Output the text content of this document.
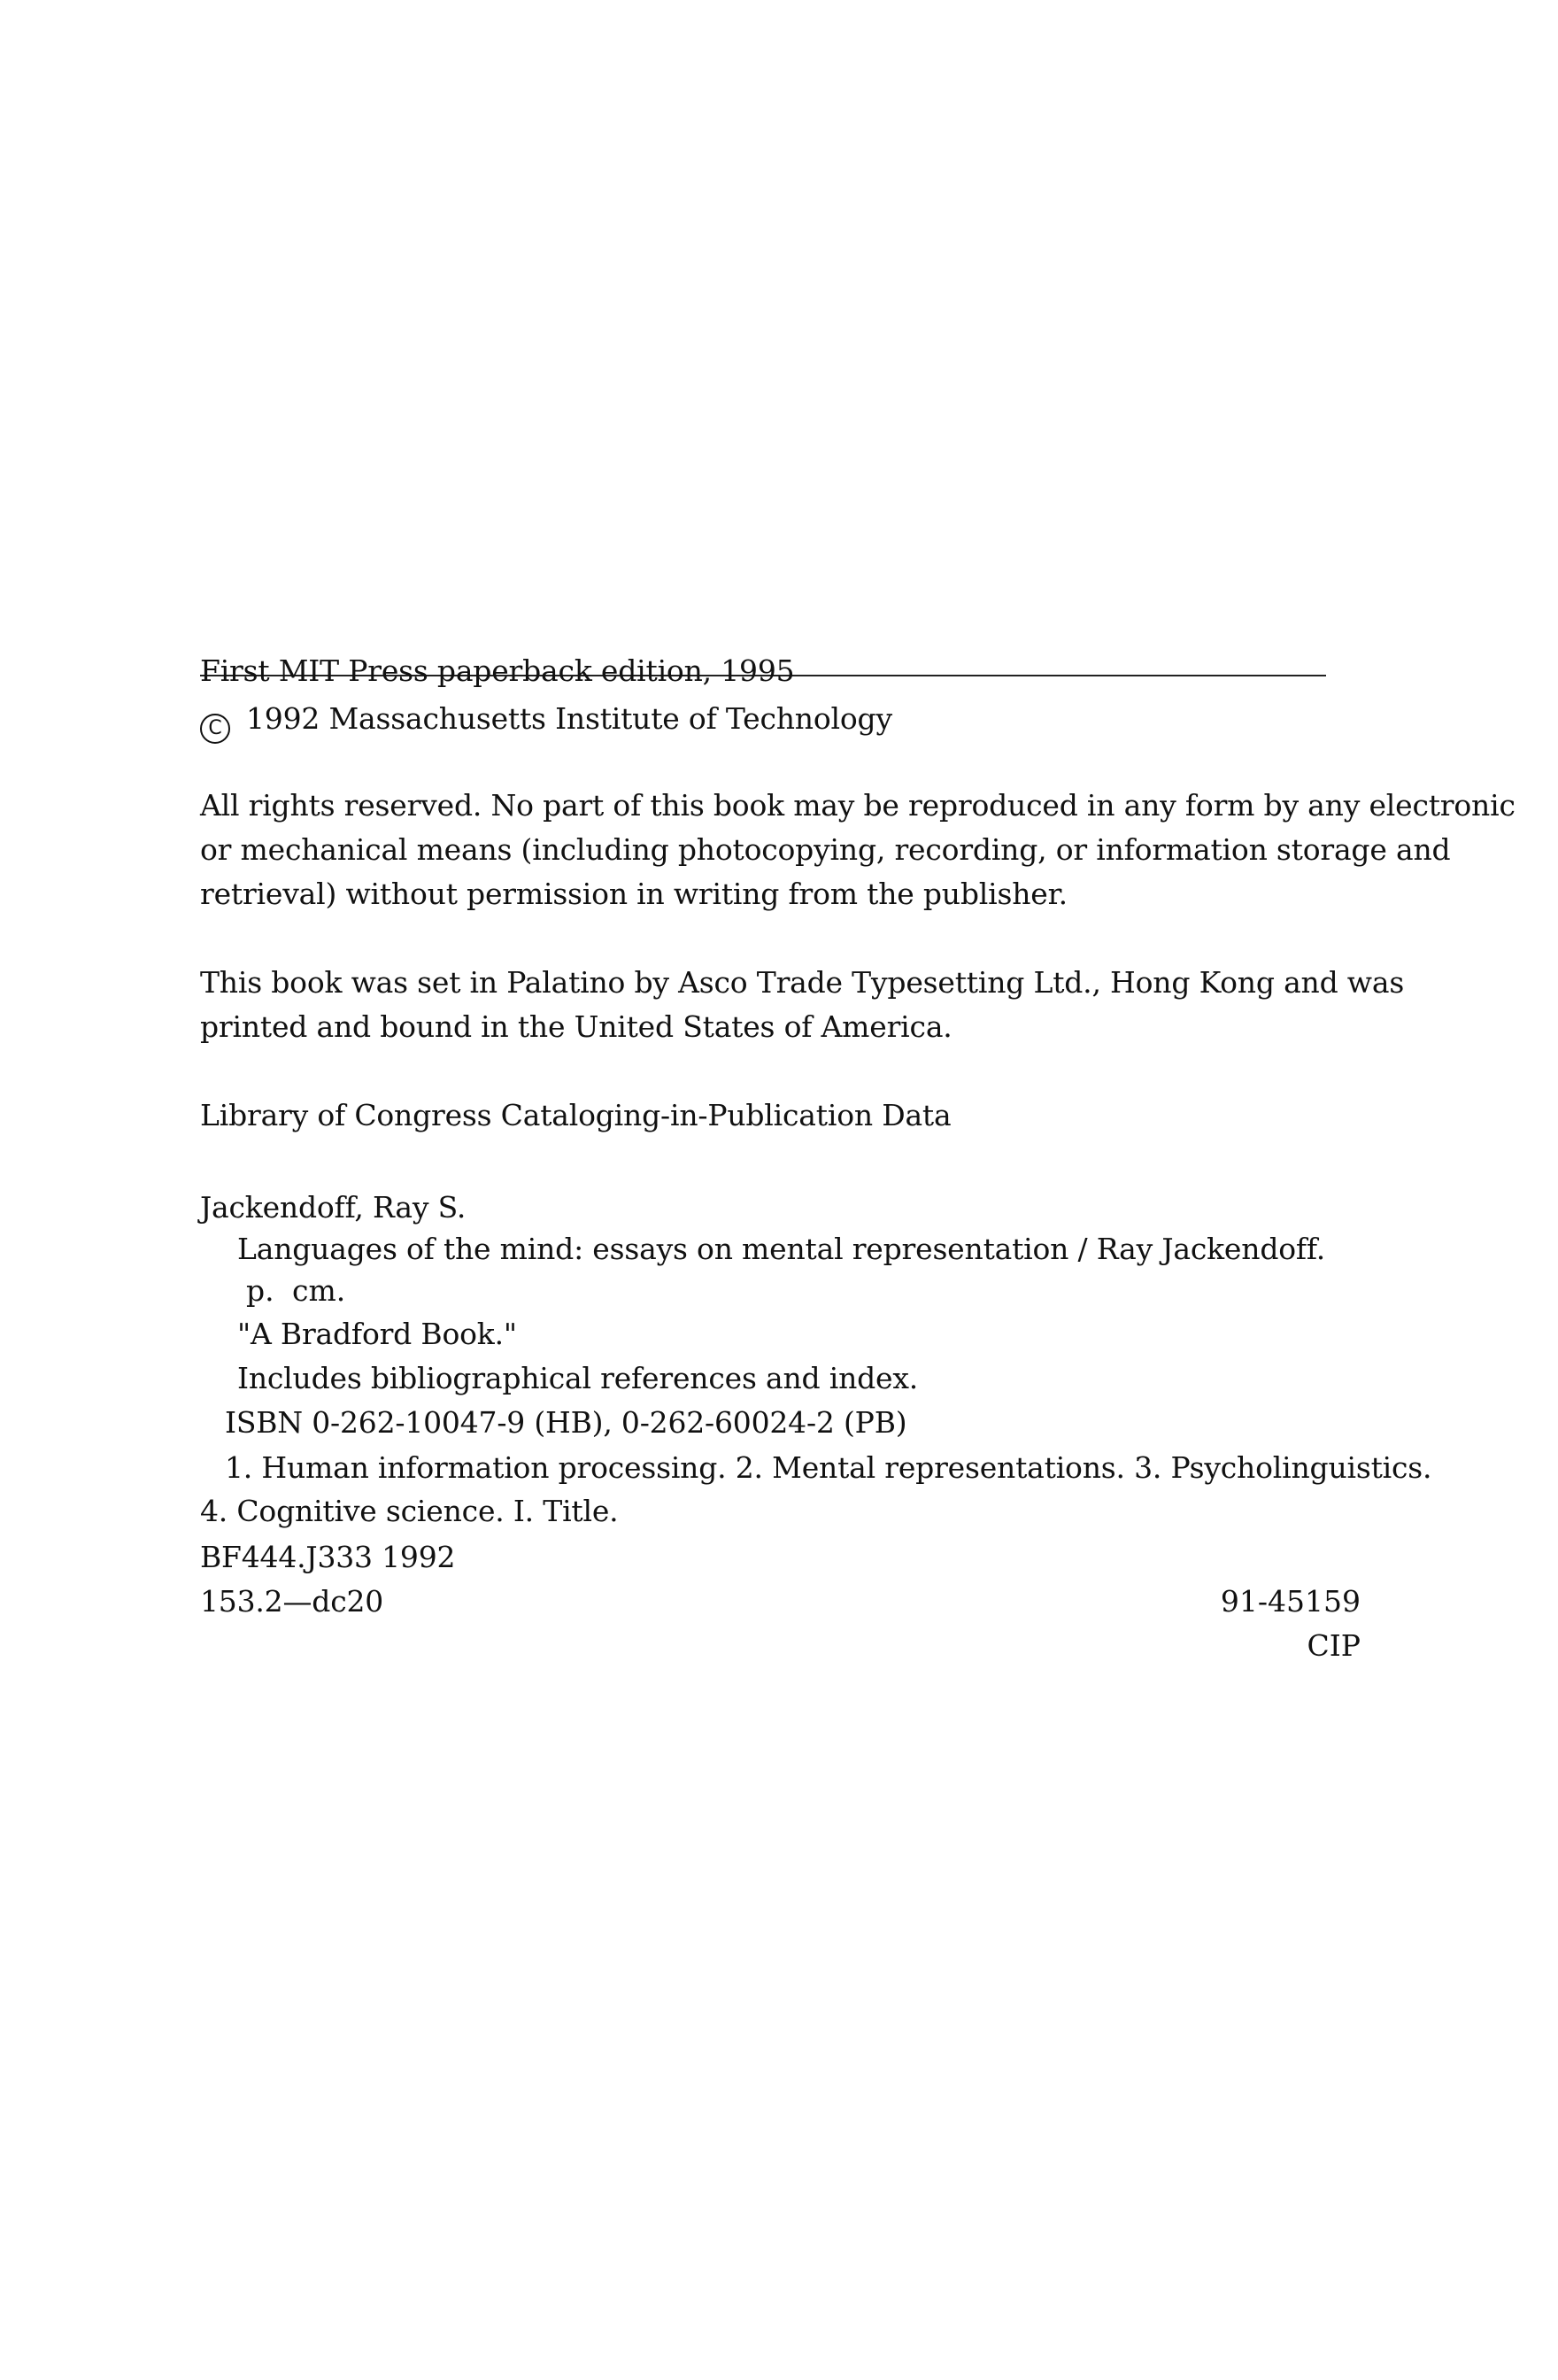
First MIT Press paperback edition, 1995
C 1992 Massachusetts Institute of Technology
All rights reserved. No part of this book may be reproduced in any form by any electronic
or mechanical means (including photocopying, recording, or information storage and
retrieval) without permission in writing from the publisher.
This book was set in Palatino by Asco Trade Typesetting Ltd., Hong Kong and was
printed and bound in the United States of America.
Library of Congress Cataloging-in-Publication Data
Jackendoff, Ray S.
Languages of the mind: essays on mental representation / Ray Jackendoff.
p. cm.
"A Bradford Book."
Includes bibliographical references and index.
ISBN 0-262-10047-9 (HB), 0-262-60024-2 (PB)
1. Human information processing. 2. Mental representations. 3. Psycholinguistics.
4. Cognitive science. I. Title.
BF444.J333 1992
153.2—dc20	91-45159
CIP
